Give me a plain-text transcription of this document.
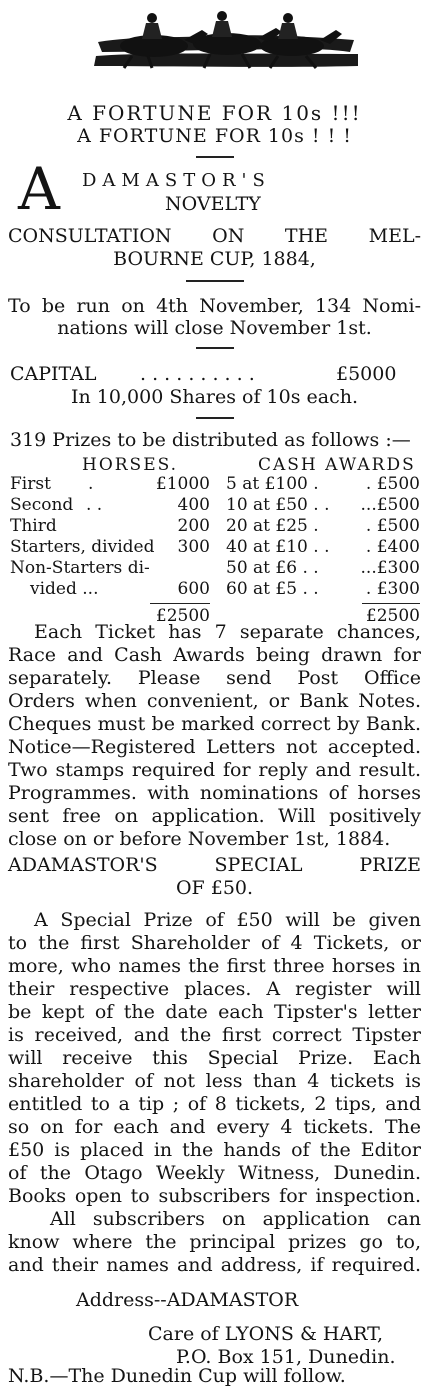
A FORTUNE FOR 10s !!!
A FORTUNE FOR 10s ! ! !
A DAMASTOR'S
NOVELTY
CONSULTATION ON THE MEL-
BOURNE CUP, 1884,
To be run on 4th November, 134 Nomi-
nations will close November 1st.
CAPITAL . . . . . . . . . .	£5000
In 10,000 Shares of 10s each.
319 Prizes to be distributed as follows :—
HORSES.	CASH AWARDS
First .	£1000 5 at £100 .	. £500
Second . .	400 10 at £50 . .	...£500
Third	200 20 at £25 .	. £500
Starters, divided	300 40 at £10 . .	. £400
Non-Starters di-	50 at £6 . .	...£300
vided ...	600 60 at £5 . .	. £300
£2500	£2500
Each Ticket has 7 separate chances,
Race and Cash Awards being drawn for
separately. Please send Post Office
Orders when convenient, or Bank Notes.
Cheques must be marked correct by Bank.
Notice—Registered Letters not accepted.
Two stamps required for reply and result.
Programmes. with nominations of horses
sent free on application. Will positively
close on or before November 1st, 1884.
ADAMASTOR'S SPECIAL PRIZE
OF £50.
A Special Prize of £50 will be given
to the first Shareholder of 4 Tickets, or
more, who names the first three horses in
their respective places. A register will
be kept of the date each Tipster's letter
is received, and the first correct Tipster
will receive this Special Prize. Each
shareholder of not less than 4 tickets is
entitled to a tip ; of 8 tickets, 2 tips, and
so on for each and every 4 tickets. The
£50 is placed in the hands of the Editor
of the Otago Weekly Witness, Dunedin.
Books open to subscribers for inspection.
All subscribers on application can
know where the principal prizes go to,
and their names and address, if required.
Address--ADAMASTOR
Care of LYONS & HART,
P.O. Box 151, Dunedin.
N.B.—The Dunedin Cup will follow.
